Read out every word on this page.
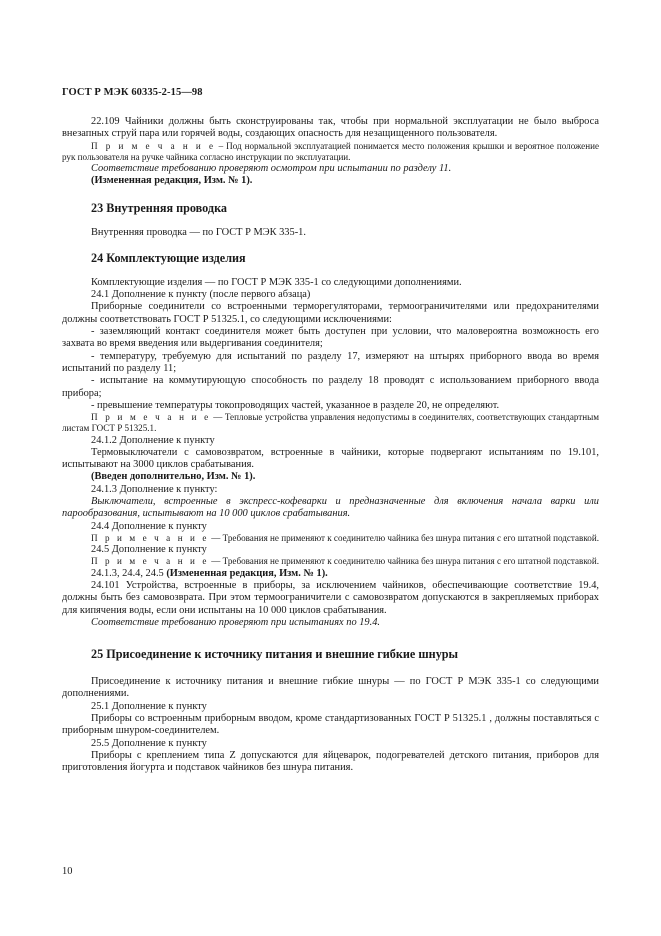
ГОСТ Р МЭК 60335-2-15—98

22.109 Чайники должны быть сконструированы так, чтобы при нормальной эксплуатации не было выброса внезапных струй пара или горячей воды, создающих опасность для незащищенного пользователя.

П р и м е ч а н и е – Под нормальной эксплуатацией понимается место положения крышки и вероятное положение рук пользователя на ручке чайника согласно инструкции по эксплуатации.

Соответствие требованию проверяют осмотром при испытании по разделу 11.

(Измененная редакция, Изм. № 1).

23 Внутренняя проводка

Внутренняя проводка — по ГОСТ Р МЭК 335-1.

24 Комплектующие изделия

Комплектующие изделия — по ГОСТ Р МЭК 335-1 со следующими дополнениями.

24.1 Дополнение к пункту (после первого абзаца)

Приборные соединители со встроенными терморегуляторами, термоограничителями или предохранителями должны соответствовать ГОСТ Р 51325.1, со следующими исключениями:

- заземляющий контакт соединителя может быть доступен при условии, что маловероятна возможность его захвата во время введения или выдергивания соединителя;

- температуру, требуемую для испытаний по разделу 17, измеряют на штырях приборного ввода во время испытаний по разделу 11;

- испытание на коммутирующую способность по разделу 18 проводят с использованием приборного ввода прибора;

- превышение температуры токопроводящих частей, указанное в разделе 20, не определяют.

П р и м е ч а н и е — Тепловые устройства управления недопустимы в соединителях, соответствующих стандартным листам ГОСТ Р 51325.1.

24.1.2 Дополнение к пункту

Термовыключатели с самовозвратом, встроенные в чайники, которые подвергают испытаниям по 19.101, испытывают на 3000 циклов срабатывания.

(Введен дополнительно, Изм. № 1).

24.1.3 Дополнение к пункту:

Выключатели, встроенные в экспресс-кофеварки и предназначенные для включения начала варки или парообразования, испытывают на 10 000 циклов срабатывания.

24.4 Дополнение к пункту

П р и м е ч а н и е — Требования не применяют к соединителю чайника без шнура питания с его штатной подставкой.

24.5 Дополнение к пункту

П р и м е ч а н и е — Требования не применяют к соединителю чайника без шнура питания с его штатной подставкой.

24.1.3, 24.4, 24.5 (Измененная редакция, Изм. № 1).

24.101 Устройства, встроенные в приборы, за исключением чайников, обеспечивающие соответствие 19.4, должны быть без самовозврата. При этом термоограничители с самовозвратом допускаются в закрепляемых приборах для кипячения воды, если они испытаны на 10 000 циклов срабатывания.

Соответствие требованию проверяют при испытаниях по 19.4.

25 Присоединение к источнику питания и внешние гибкие шнуры

Присоединение к источнику питания и внешние гибкие шнуры — по ГОСТ Р МЭК 335-1 со следующими дополнениями.

25.1 Дополнение к пункту

Приборы со встроенным приборным вводом, кроме стандартизованных ГОСТ Р 51325.1 , должны поставляться с приборным шнуром-соединителем.

25.5 Дополнение к пункту

Приборы с креплением типа Z допускаются для яйцеварок, подогревателей детского питания, приборов для приготовления йогурта и подставок чайников без шнура питания.

10
